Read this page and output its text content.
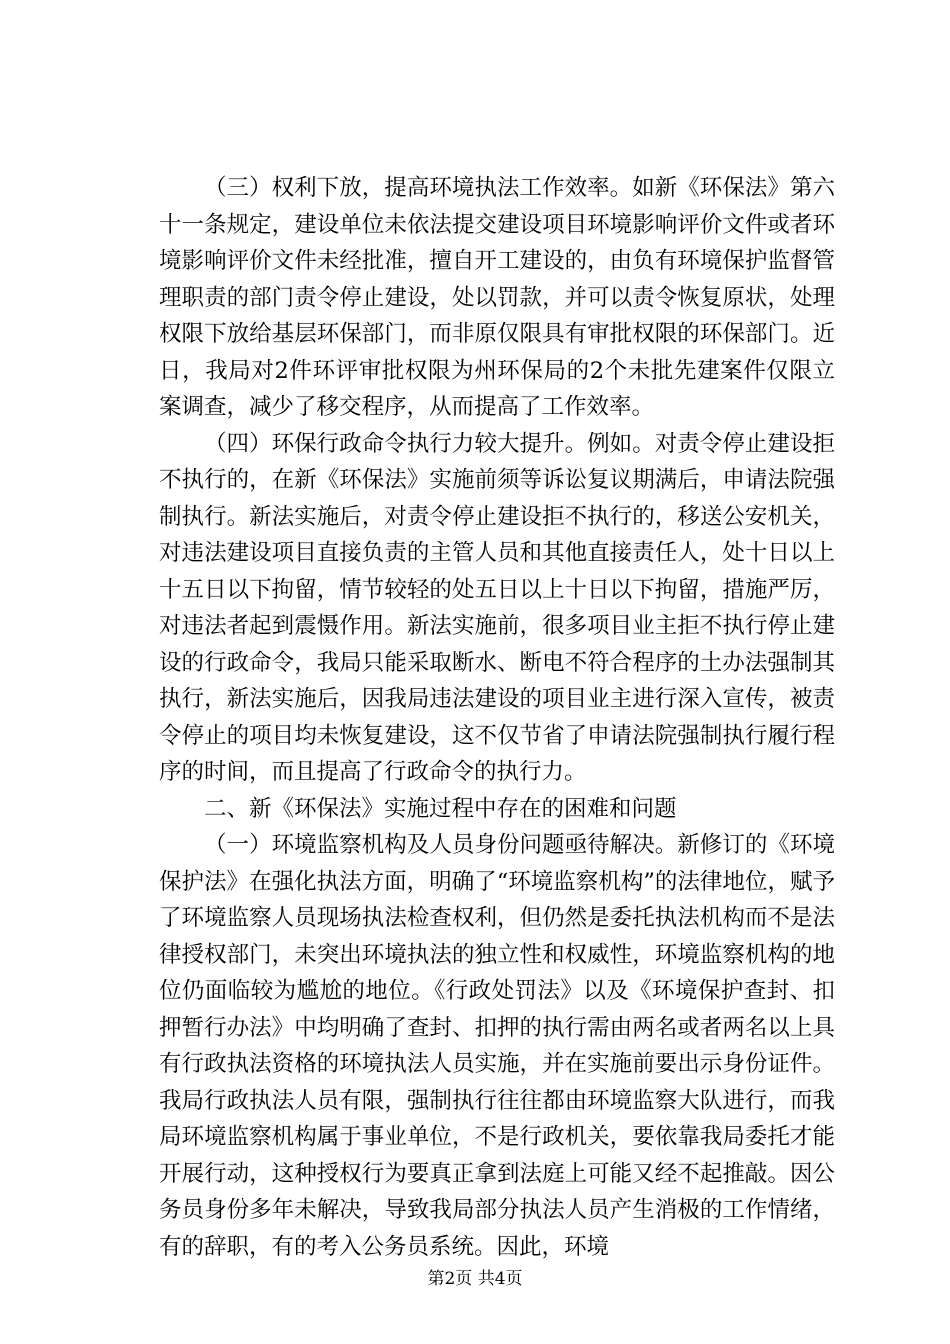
（三）权利下放，提高环境执法工作效率。如新《环保法》第六十一条规定，建设单位未依法提交建设项目环境影响评价文件或者环境影响评价文件未经批准，擅自开工建设的，由负有环境保护监督管理职责的部门责令停止建设，处以罚款，并可以责令恢复原状，处理权限下放给基层环保部门，而非原仅限具有审批权限的环保部门。近日，我局对2件环评审批权限为州环保局的2个未批先建案件仅限立案调查，减少了移交程序，从而提高了工作效率。

（四）环保行政命令执行力较大提升。例如。对责令停止建设拒不执行的，在新《环保法》实施前须等诉讼复议期满后，申请法院强制执行。新法实施后，对责令停止建设拒不执行的，移送公安机关，对违法建设项目直接负责的主管人员和其他直接责任人，处十日以上十五日以下拘留，情节较轻的处五日以上十日以下拘留，措施严厉，对违法者起到震慑作用。新法实施前，很多项目业主拒不执行停止建设的行政命令，我局只能采取断水、断电不符合程序的土办法强制其执行，新法实施后，因我局违法建设的项目业主进行深入宣传，被责令停止的项目均未恢复建设，这不仅节省了申请法院强制执行履行程序的时间，而且提高了行政命令的执行力。

二、新《环保法》实施过程中存在的困难和问题

（一）环境监察机构及人员身份问题亟待解决。新修订的《环境保护法》在强化执法方面，明确了“环境监察机构”的法律地位，赋予了环境监察人员现场执法检查权利，但仍然是委托执法机构而不是法律授权部门，未突出环境执法的独立性和权威性，环境监察机构的地位仍面临较为尴尬的地位。《行政处罚法》以及《环境保护查封、扣押暂行办法》中均明确了查封、扣押的执行需由两名或者两名以上具有行政执法资格的环境执法人员实施，并在实施前要出示身份证件。我局行政执法人员有限，强制执行往往都由环境监察大队进行，而我局环境监察机构属于事业单位，不是行政机关，要依靠我局委托才能开展行动，这种授权行为要真正拿到法庭上可能又经不起推敲。因公务员身份多年未解决，导致我局部分执法人员产生消极的工作情绪，有的辞职，有的考入公务员系统。因此，环境

第2页 共4页
